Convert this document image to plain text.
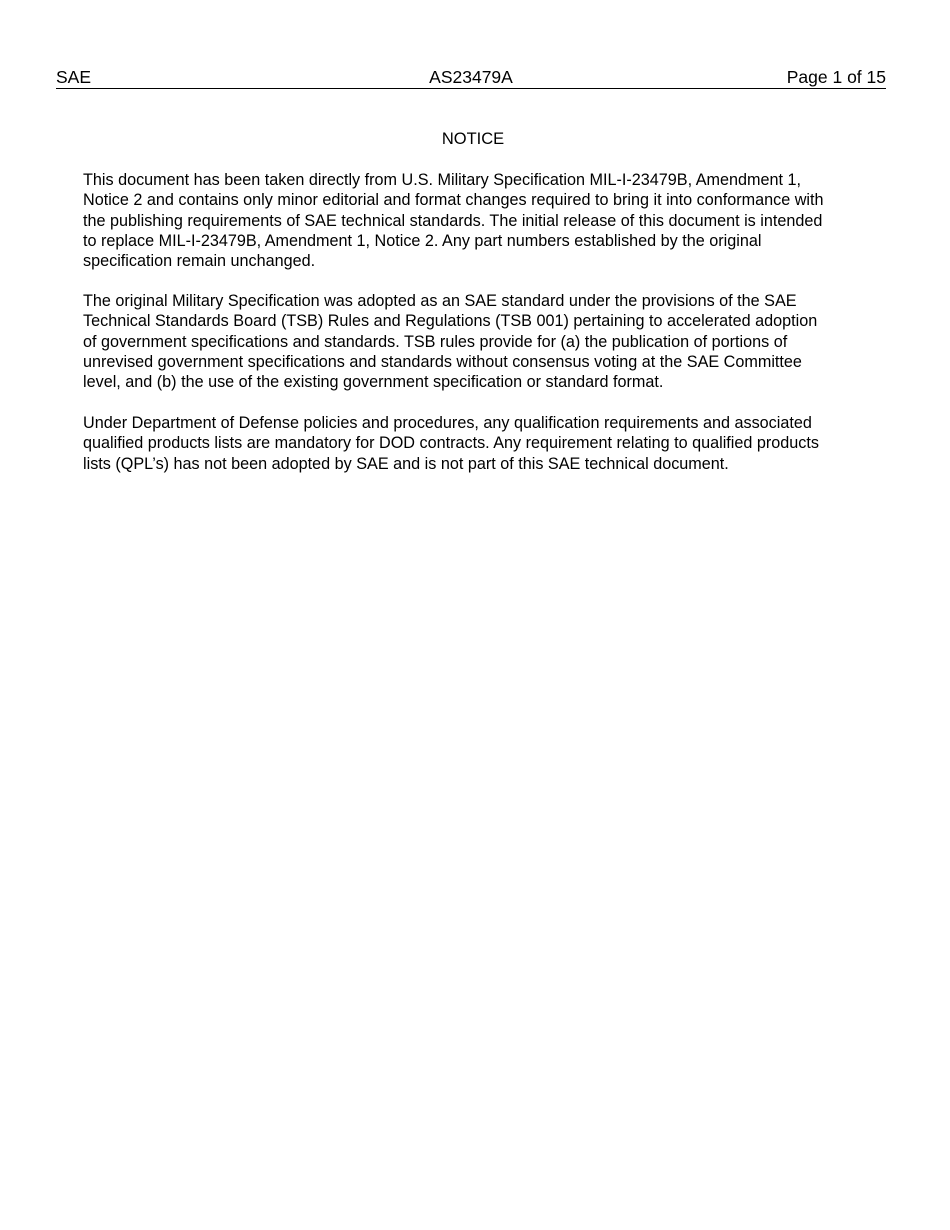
SAE	AS23479A	Page 1 of 15
NOTICE
This document has been taken directly from U.S. Military Specification MIL-I-23479B, Amendment 1,
Notice 2 and contains only minor editorial and format changes required to bring it into conformance with
the publishing requirements of SAE technical standards. The initial release of this document is intended
to replace MIL-I-23479B, Amendment 1, Notice 2. Any part numbers established by the original
specification remain unchanged.
The original Military Specification was adopted as an SAE standard under the provisions of the SAE
Technical Standards Board (TSB) Rules and Regulations (TSB 001) pertaining to accelerated adoption
of government specifications and standards. TSB rules provide for (a) the publication of portions of
unrevised government specifications and standards without consensus voting at the SAE Committee
level, and (b) the use of the existing government specification or standard format.
Under Department of Defense policies and procedures, any qualification requirements and associated
qualified products lists are mandatory for DOD contracts. Any requirement relating to qualified products
lists (QPL’s) has not been adopted by SAE and is not part of this SAE technical document.
